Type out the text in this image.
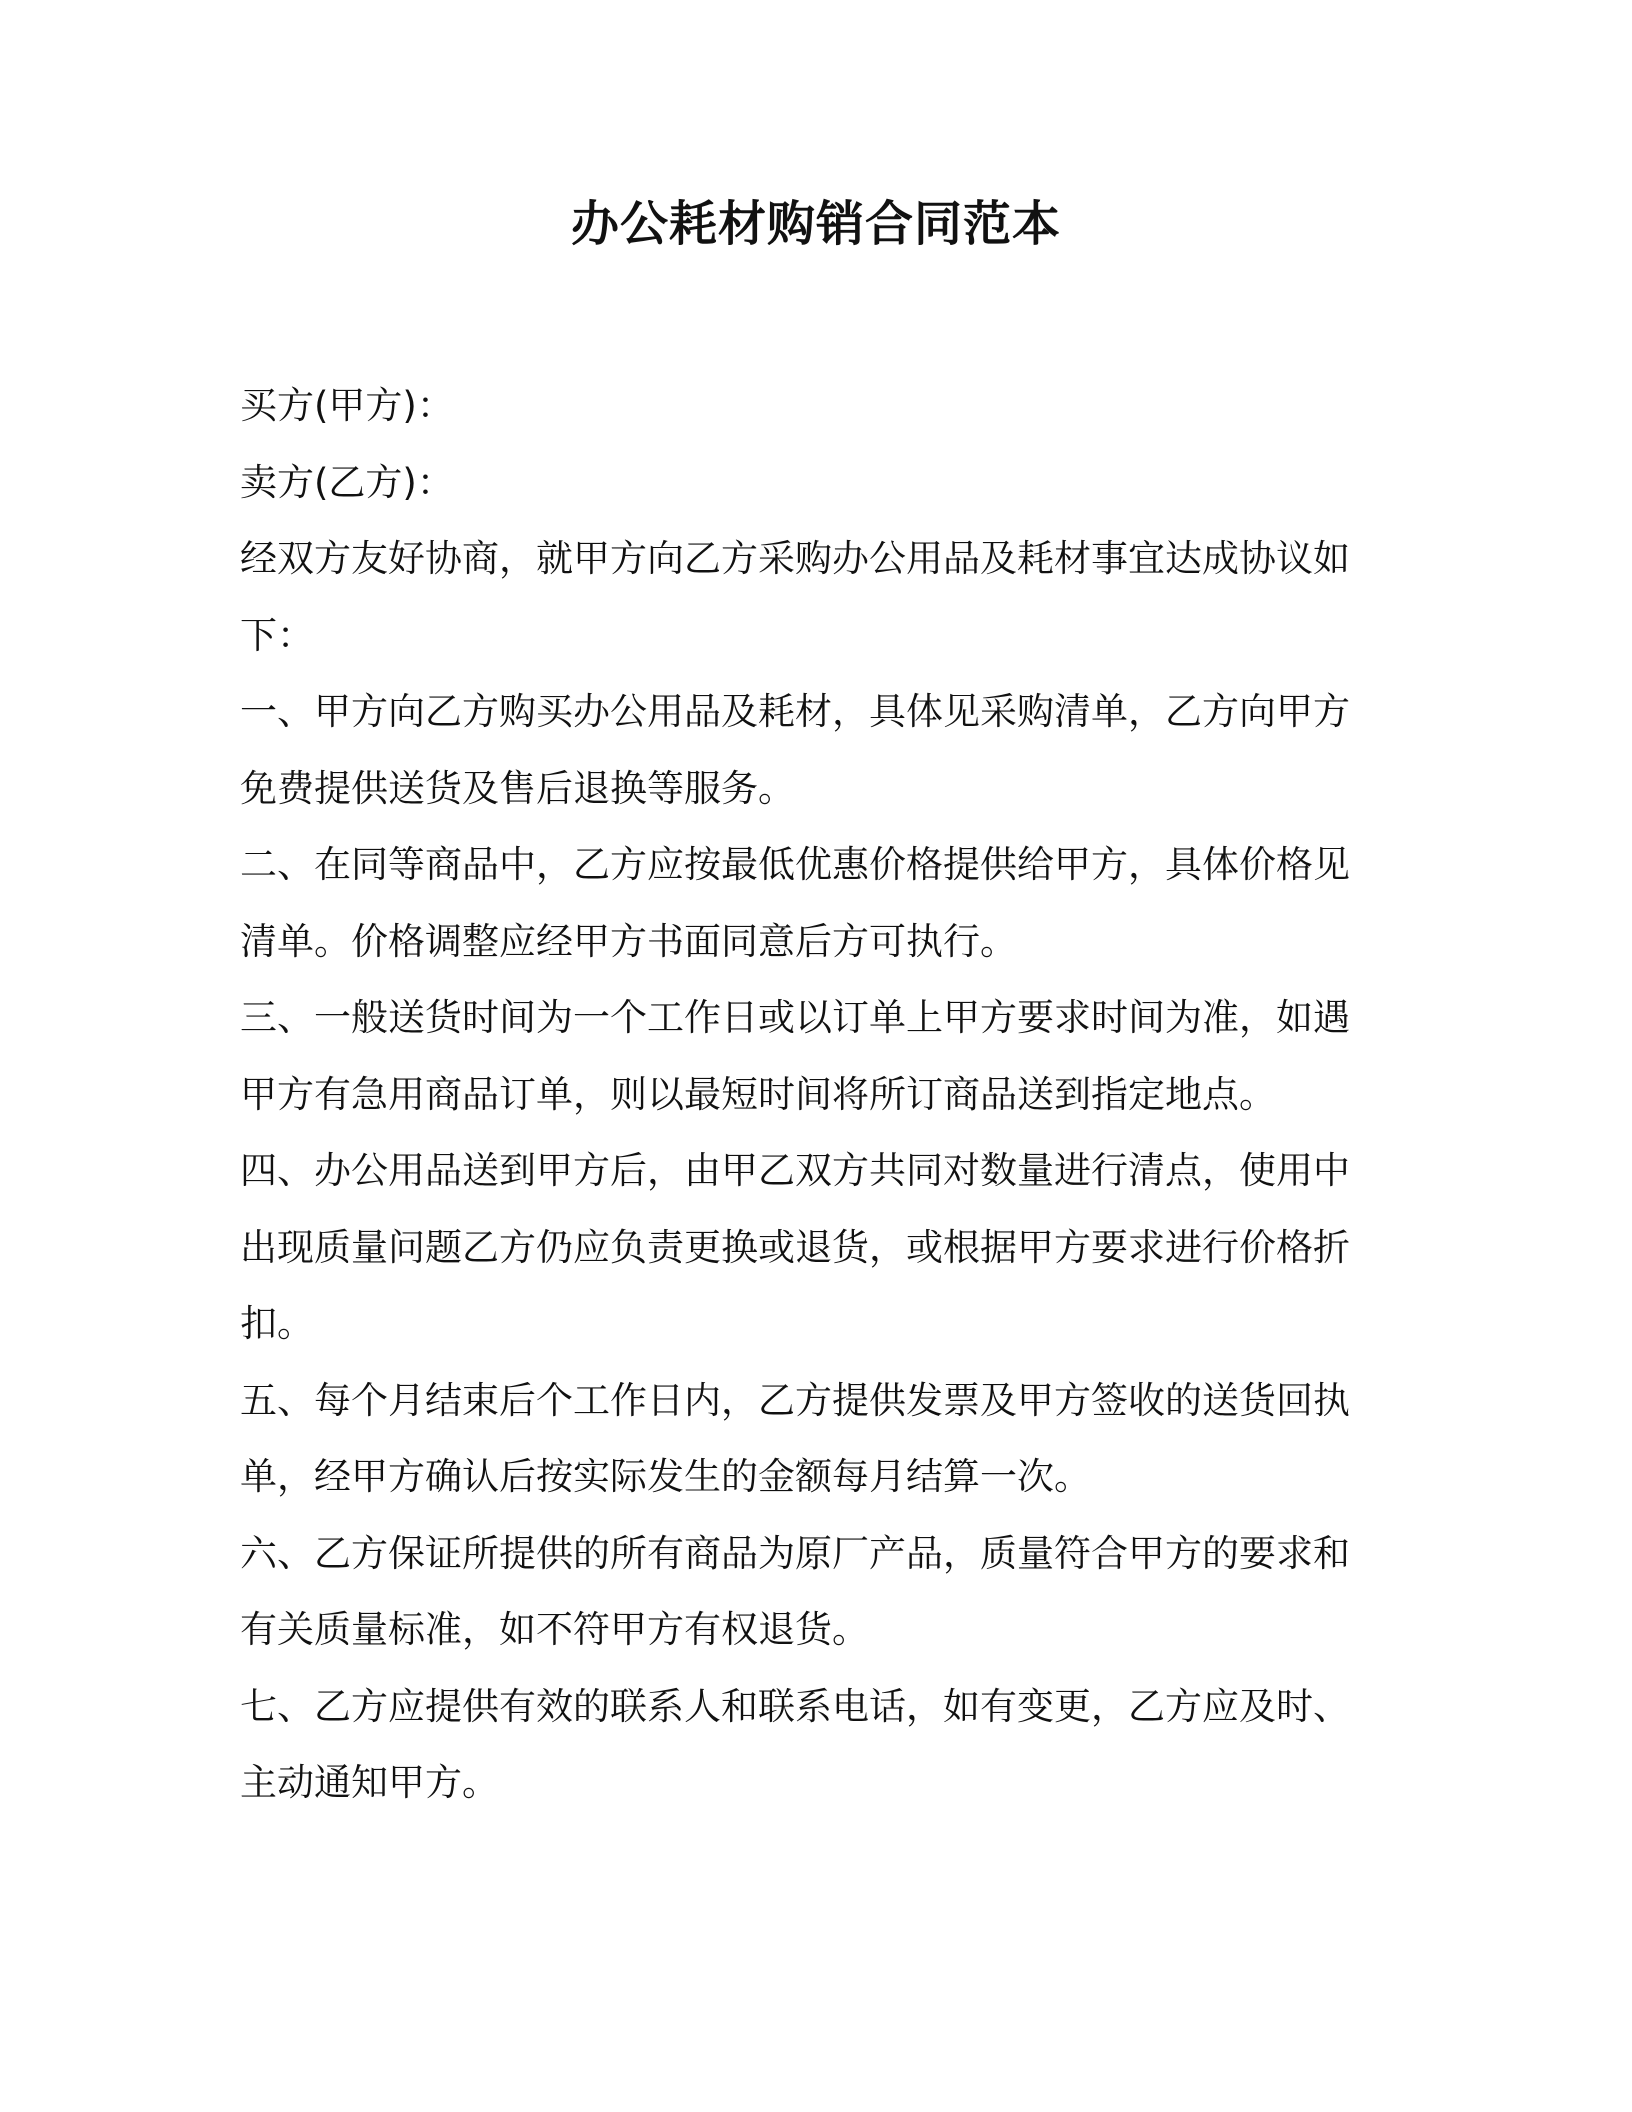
办公耗材购销合同范本

买方(甲方)：

卖方(乙方)：

经双方友好协商，就甲方向乙方采购办公用品及耗材事宜达成协议如下：

一、甲方向乙方购买办公用品及耗材，具体见采购清单，乙方向甲方免费提供送货及售后退换等服务。

二、在同等商品中，乙方应按最低优惠价格提供给甲方，具体价格见清单。价格调整应经甲方书面同意后方可执行。

三、一般送货时间为一个工作日或以订单上甲方要求时间为准，如遇甲方有急用商品订单，则以最短时间将所订商品送到指定地点。

四、办公用品送到甲方后，由甲乙双方共同对数量进行清点，使用中出现质量问题乙方仍应负责更换或退货，或根据甲方要求进行价格折扣。

五、每个月结束后个工作日内，乙方提供发票及甲方签收的送货回执单，经甲方确认后按实际发生的金额每月结算一次。

六、乙方保证所提供的所有商品为原厂产品，质量符合甲方的要求和有关质量标准，如不符甲方有权退货。

七、乙方应提供有效的联系人和联系电话，如有变更，乙方应及时、主动通知甲方。
